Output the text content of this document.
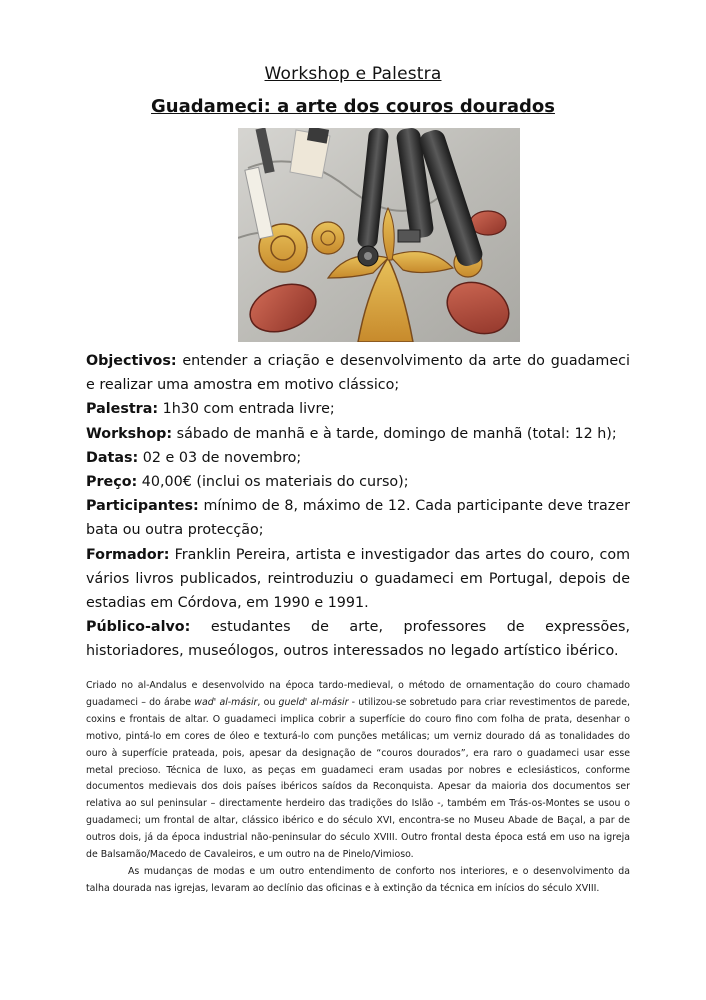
Workshop e Palestra
Guadameci: a arte dos couros dourados

Objectivos: entender a criação e desenvolvimento da arte do guadameci e realizar uma amostra em motivo clássico;

Palestra: 1h30 com entrada livre;

Workshop: sábado de manhã e à tarde, domingo de manhã (total: 12 h);

Datas: 02 e 03 de novembro;

Preço: 40,00€ (inclui os materiais do curso);

Participantes: mínimo de 8, máximo de 12. Cada participante deve trazer bata ou outra protecção;

Formador: Franklin Pereira, artista e investigador das artes do couro, com vários livros publicados, reintroduziu o guadameci em Portugal, depois de estadias em Córdova, em 1990 e 1991.

Público-alvo: estudantes de arte, professores de expressões, historiadores, museólogos, outros interessados no legado artístico ibérico.

Criado no al-Andalus e desenvolvido na época tardo-medieval, o método de ornamentação do couro chamado guadameci – do árabe wad' al-másir, ou gueld' al-másir - utilizou-se sobretudo para criar revestimentos de parede, coxins e frontais de altar. O guadameci implica cobrir a superfície do couro fino com folha de prata, desenhar o motivo, pintá-lo em cores de óleo e texturá-lo com punções metálicas; um verniz dourado dá as tonalidades do ouro à superfície prateada, pois, apesar da designação de “couros dourados”, era raro o guadameci usar esse metal precioso. Técnica de luxo, as peças em guadameci eram usadas por nobres e eclesiásticos, conforme documentos medievais dos dois países ibéricos saídos da Reconquista. Apesar da maioria dos documentos ser relativa ao sul peninsular – directamente herdeiro das tradições do Islão -, também em Trás-os-Montes se usou o guadameci; um frontal de altar, clássico ibérico e do século XVI, encontra-se no Museu Abade de Baçal, a par de outros dois, já da época industrial não-peninsular do século XVIII. Outro frontal desta época está em uso na igreja de Balsamão/Macedo de Cavaleiros, e um outro na de Pinelo/Vimioso.

As mudanças de modas e um outro entendimento de conforto nos interiores, e o desenvolvimento da talha dourada nas igrejas, levaram ao declínio das oficinas e à extinção da técnica em inícios do século XVIII.
